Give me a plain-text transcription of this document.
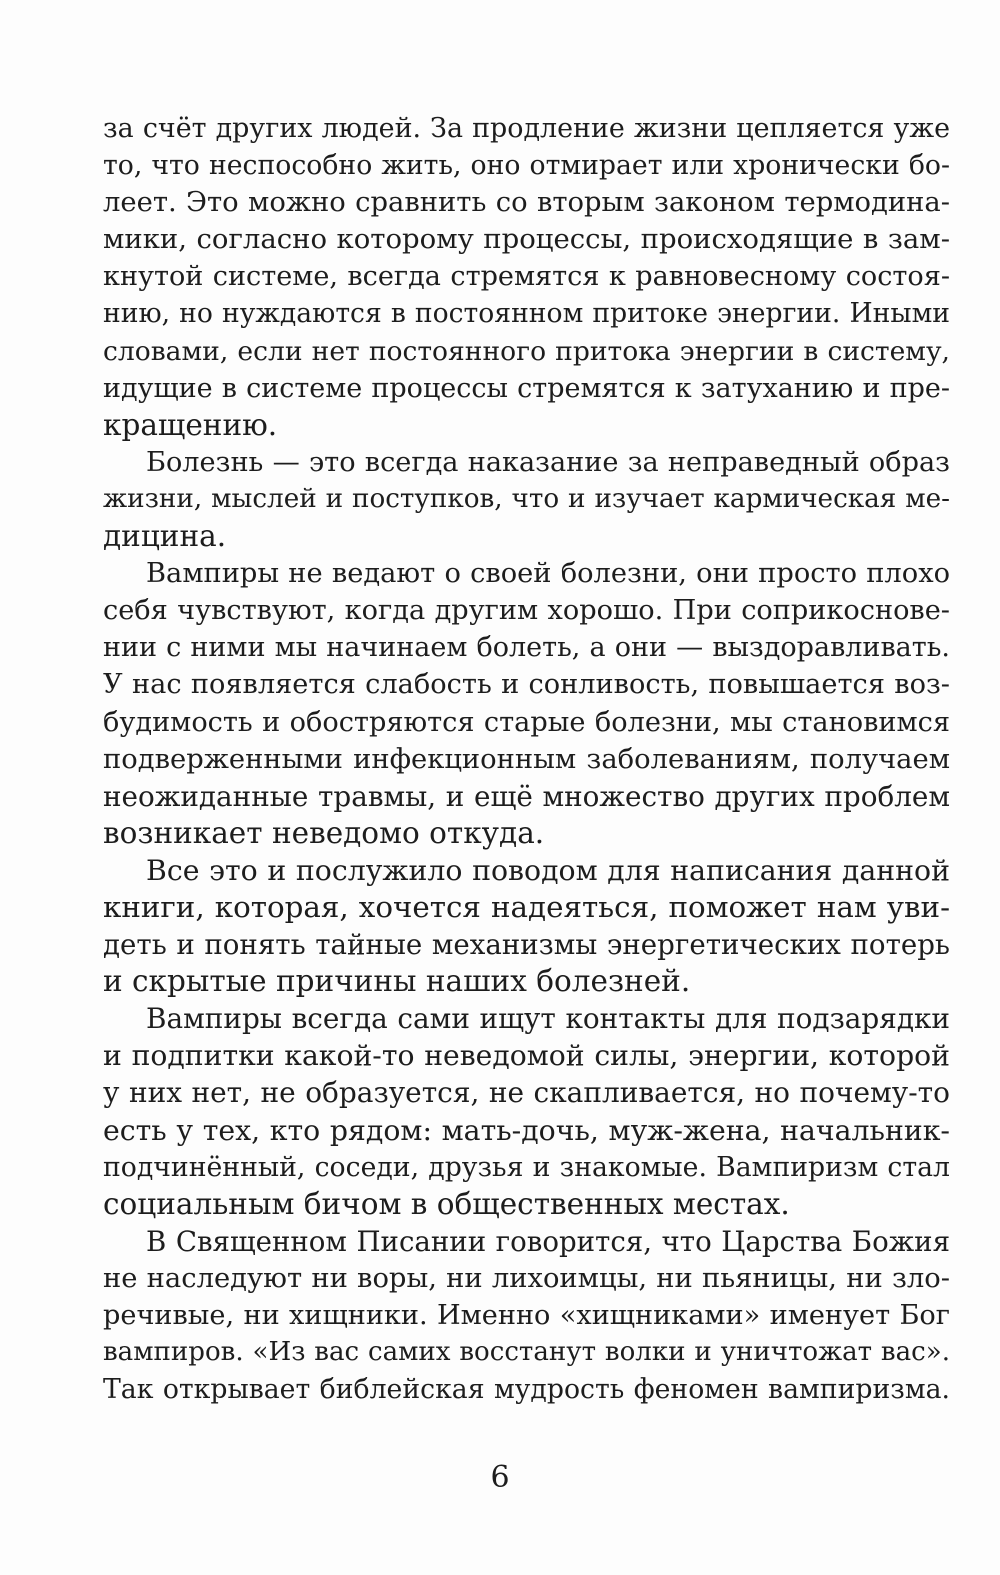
за счёт других людей. За продление жизни цепляется уже
то, что неспособно жить, оно отмирает или хронически бо-
леет. Это можно сравнить со вторым законом термодина-
мики, согласно которому процессы, происходящие в зам-
кнутой системе, всегда стремятся к равновесному состоя-
нию, но нуждаются в постоянном притоке энергии. Иными
словами, если нет постоянного притока энергии в систему,
идущие в системе процессы стремятся к затуханию и пре-
кращению.
Болезнь — это всегда наказание за неправедный образ
жизни, мыслей и поступков, что и изучает кармическая ме-
дицина.
Вампиры не ведают о своей болезни, они просто плохо
себя чувствуют, когда другим хорошо. При соприкоснове-
нии с ними мы начинаем болеть, а они — выздоравливать.
У нас появляется слабость и сонливость, повышается воз-
будимость и обостряются старые болезни, мы становимся
подверженными инфекционным заболеваниям, получаем
неожиданные травмы, и ещё множество других проблем
возникает неведомо откуда.
Все это и послужило поводом для написания данной
книги, которая, хочется надеяться, поможет нам уви-
деть и понять тайные механизмы энергетических потерь
и скрытые причины наших болезней.
Вампиры всегда сами ищут контакты для подзарядки
и подпитки какой-то неведомой силы, энергии, которой
у них нет, не образуется, не скапливается, но почему-то
есть у тех, кто рядом: мать-дочь, муж-жена, начальник-
подчинённый, соседи, друзья и знакомые. Вампиризм стал
социальным бичом в общественных местах.
В Священном Писании говорится, что Царства Божия
не наследуют ни воры, ни лихоимцы, ни пьяницы, ни зло-
речивые, ни хищники. Именно «хищниками» именует Бог
вампиров. «Из вас самих восстанут волки и уничтожат вас».
Так открывает библейская мудрость феномен вампиризма.
6
